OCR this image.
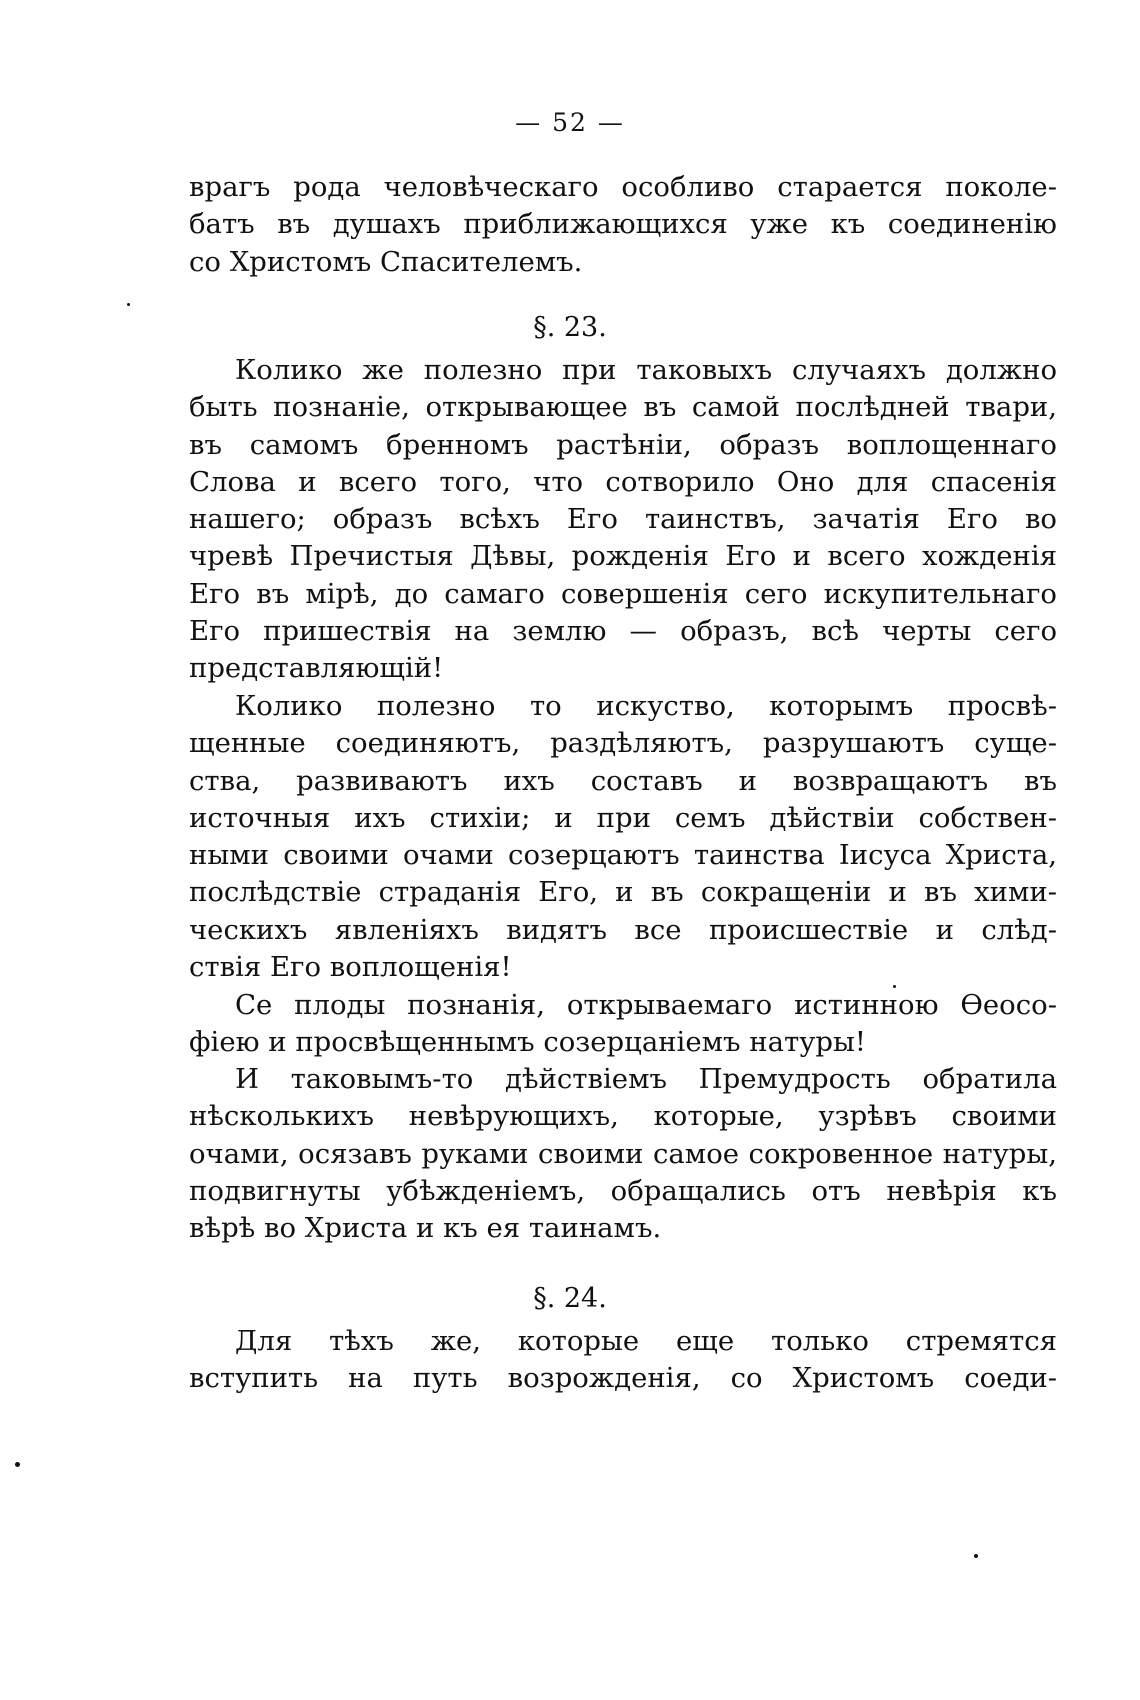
— 52 —
врагъ рода человѣческаго особливо старается поколе-
батъ въ душахъ приближающихся уже къ соединенію
со Христомъ Спасителемъ.
§. 23.
Колико же полезно при таковыхъ случаяхъ должно
быть познаніе, открывающее въ самой послѣдней твари,
въ самомъ бренномъ растѣніи, образъ воплощеннаго
Слова и всего того, что сотворило Оно для спасенія
нашего; образъ всѣхъ Его таинствъ, зачатія Его во
чревѣ Пречистыя Дѣвы, рожденія Его и всего хожденія
Его въ мірѣ, до самаго совершенія сего искупительнаго
Его пришествія на землю — образъ, всѣ черты сего
представляющій!
Колико полезно то искуство, которымъ просвѣ-
щенные соединяютъ, раздѣляютъ, разрушаютъ суще-
ства, развиваютъ ихъ составъ и возвращаютъ въ
источныя ихъ стихіи; и при семъ дѣйствіи собствен-
ными своими очами созерцаютъ таинства Іисуса Христа,
послѣдствіе страданія Его, и въ сокращеніи и въ хими-
ческихъ явленіяхъ видятъ все происшествіе и слѣд-
ствія Его воплощенія!
Се плоды познанія, открываемаго истинною Ѳеосо-
фіею и просвѣщеннымъ созерцаніемъ натуры!
И таковымъ-то дѣйствіемъ Премудрость обратила
нѣсколькихъ невѣрующихъ, которые, узрѣвъ своими
очами, осязавъ руками своими самое сокровенное натуры,
подвигнуты убѣжденіемъ, обращались отъ невѣрія къ
вѣрѣ во Христа и къ ея таинамъ.
§. 24.
Для тѣхъ же, которые еще только стремятся
вступить на путь возрожденія, со Христомъ соеди-
